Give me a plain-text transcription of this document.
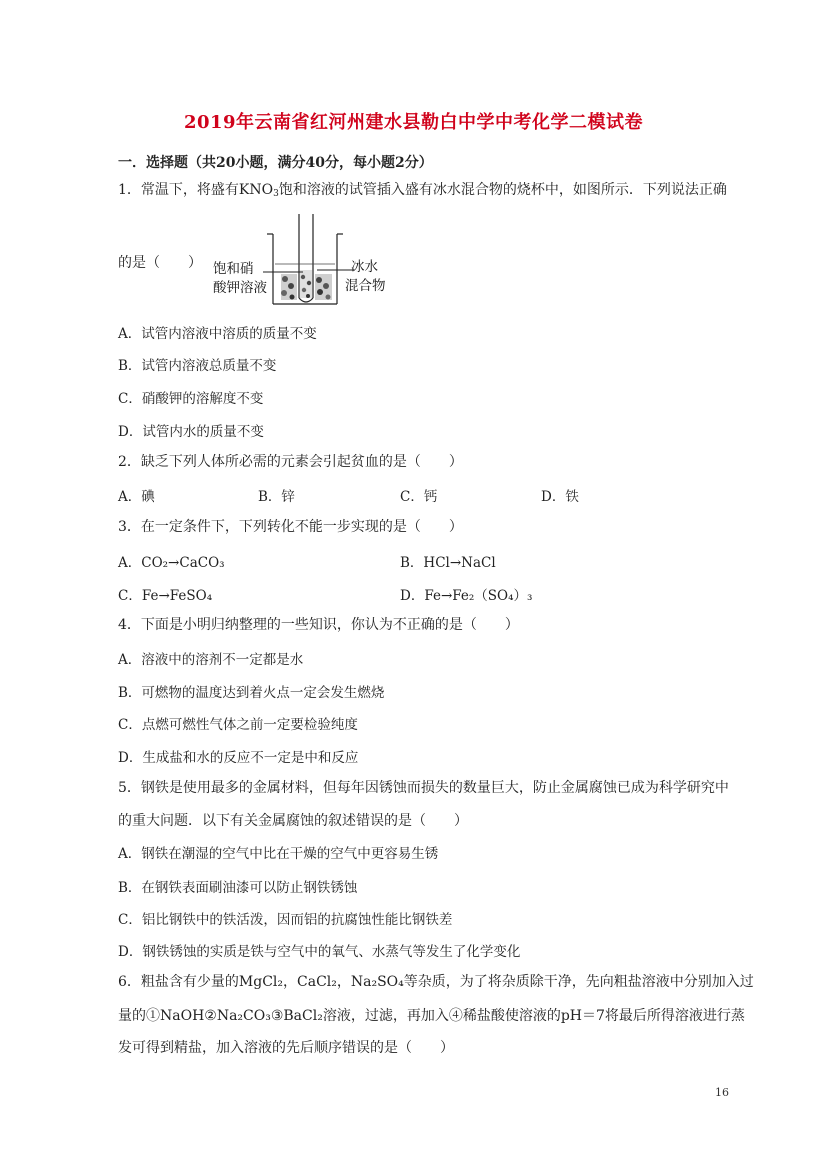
2019年云南省红河州建水县勒白中学中考化学二模试卷
一．选择题（共20小题，满分40分，每小题2分）
1．常温下，将盛有$KNO_3$饱和溶液的试管插入盛有冰水混合物的烧杯中，如图所示．下列说法正确
的是（　　） 饱和硝
酸钾溶液
冰水
混合物
A．试管内溶液中溶质的质量不变
B．试管内溶液总质量不变
C．硝酸钾的溶解度不变
D．试管内水的质量不变
2．缺乏下列人体所必需的元素会引起贫血的是（　　）
A．碘	B．锌	C．钙	D．铁
3．在一定条件下，下列转化不能一步实现的是（　　）
A．CO₂→CaCO₃	B．HCl→NaCl
C．Fe→FeSO₄	D．Fe→Fe₂（SO₄）₃
4．下面是小明归纳整理的一些知识，你认为不正确的是（　　）
A．溶液中的溶剂不一定都是水
B．可燃物的温度达到着火点一定会发生燃烧
C．点燃可燃性气体之前一定要检验纯度
D．生成盐和水的反应不一定是中和反应
5．钢铁是使用最多的金属材料，但每年因锈蚀而损失的数量巨大，防止金属腐蚀已成为科学研究中
的重大问题．以下有关金属腐蚀的叙述错误的是（　　）
A．钢铁在潮湿的空气中比在干燥的空气中更容易生锈
B．在钢铁表面刷油漆可以防止钢铁锈蚀
C．铝比钢铁中的铁活泼，因而铝的抗腐蚀性能比钢铁差
D．钢铁锈蚀的实质是铁与空气中的氧气、水蒸气等发生了化学变化
6．粗盐含有少量的MgCl₂，CaCl₂，Na₂SO₄等杂质，为了将杂质除干净，先向粗盐溶液中分别加入过
量的①NaOH②Na₂CO₃③BaCl₂溶液，过滤，再加入④稀盐酸使溶液的pH＝7将最后所得溶液进行蒸
发可得到精盐，加入溶液的先后顺序错误的是（　　）
16
